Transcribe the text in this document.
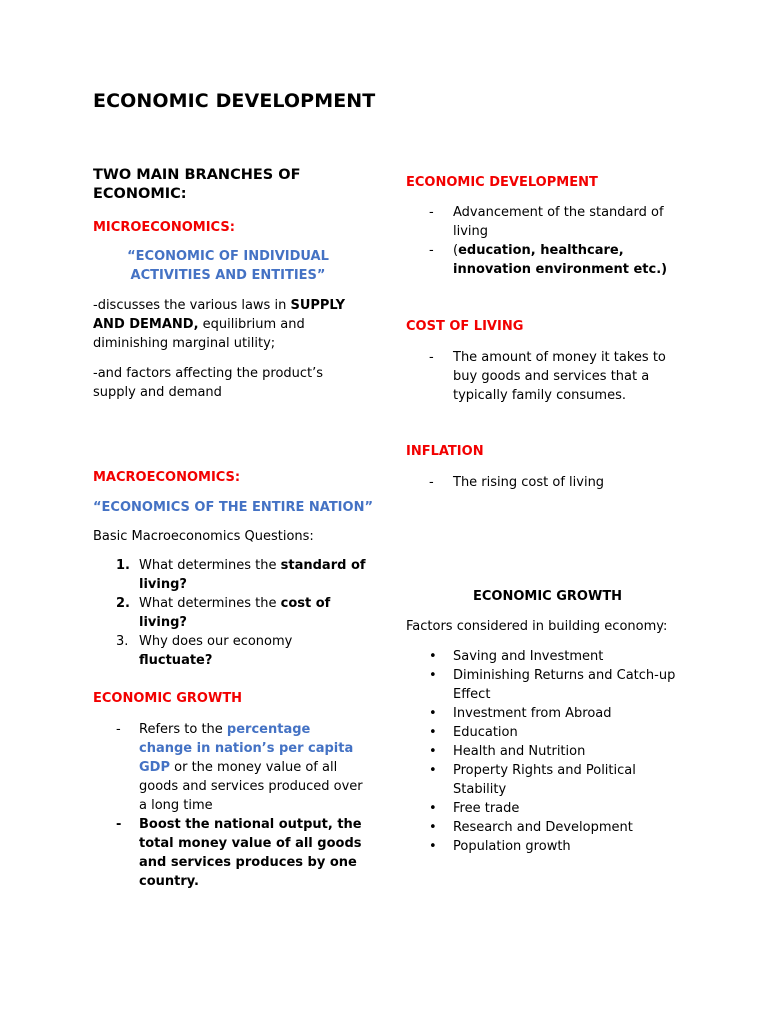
ECONOMIC DEVELOPMENT
TWO MAIN BRANCHES OF ECONOMIC:
MICROECONOMICS:
“ECONOMIC OF INDIVIDUAL ACTIVITIES AND ENTITIES”
-discusses the various laws in SUPPLY AND DEMAND, equilibrium and diminishing marginal utility;
-and factors affecting the product’s supply and demand
MACROECONOMICS:
“ECONOMICS OF THE ENTIRE NATION”
Basic Macroeconomics Questions:
1. What determines the standard of living?
2. What determines the cost of living?
3. Why does our economy fluctuate?
ECONOMIC GROWTH
- Refers to the percentage change in nation’s per capita GDP or the money value of all goods and services produced over a long time
- Boost the national output, the total money value of all goods and services produces by one country.
ECONOMIC DEVELOPMENT
- Advancement of the standard of living
- (education, healthcare, innovation environment etc.)
COST OF LIVING
- The amount of money it takes to buy goods and services that a typically family consumes.
INFLATION
- The rising cost of living
ECONOMIC GROWTH
Factors considered in building economy:
• Saving and Investment
• Diminishing Returns and Catch-up Effect
• Investment from Abroad
• Education
• Health and Nutrition
• Property Rights and Political Stability
• Free trade
• Research and Development
• Population growth
